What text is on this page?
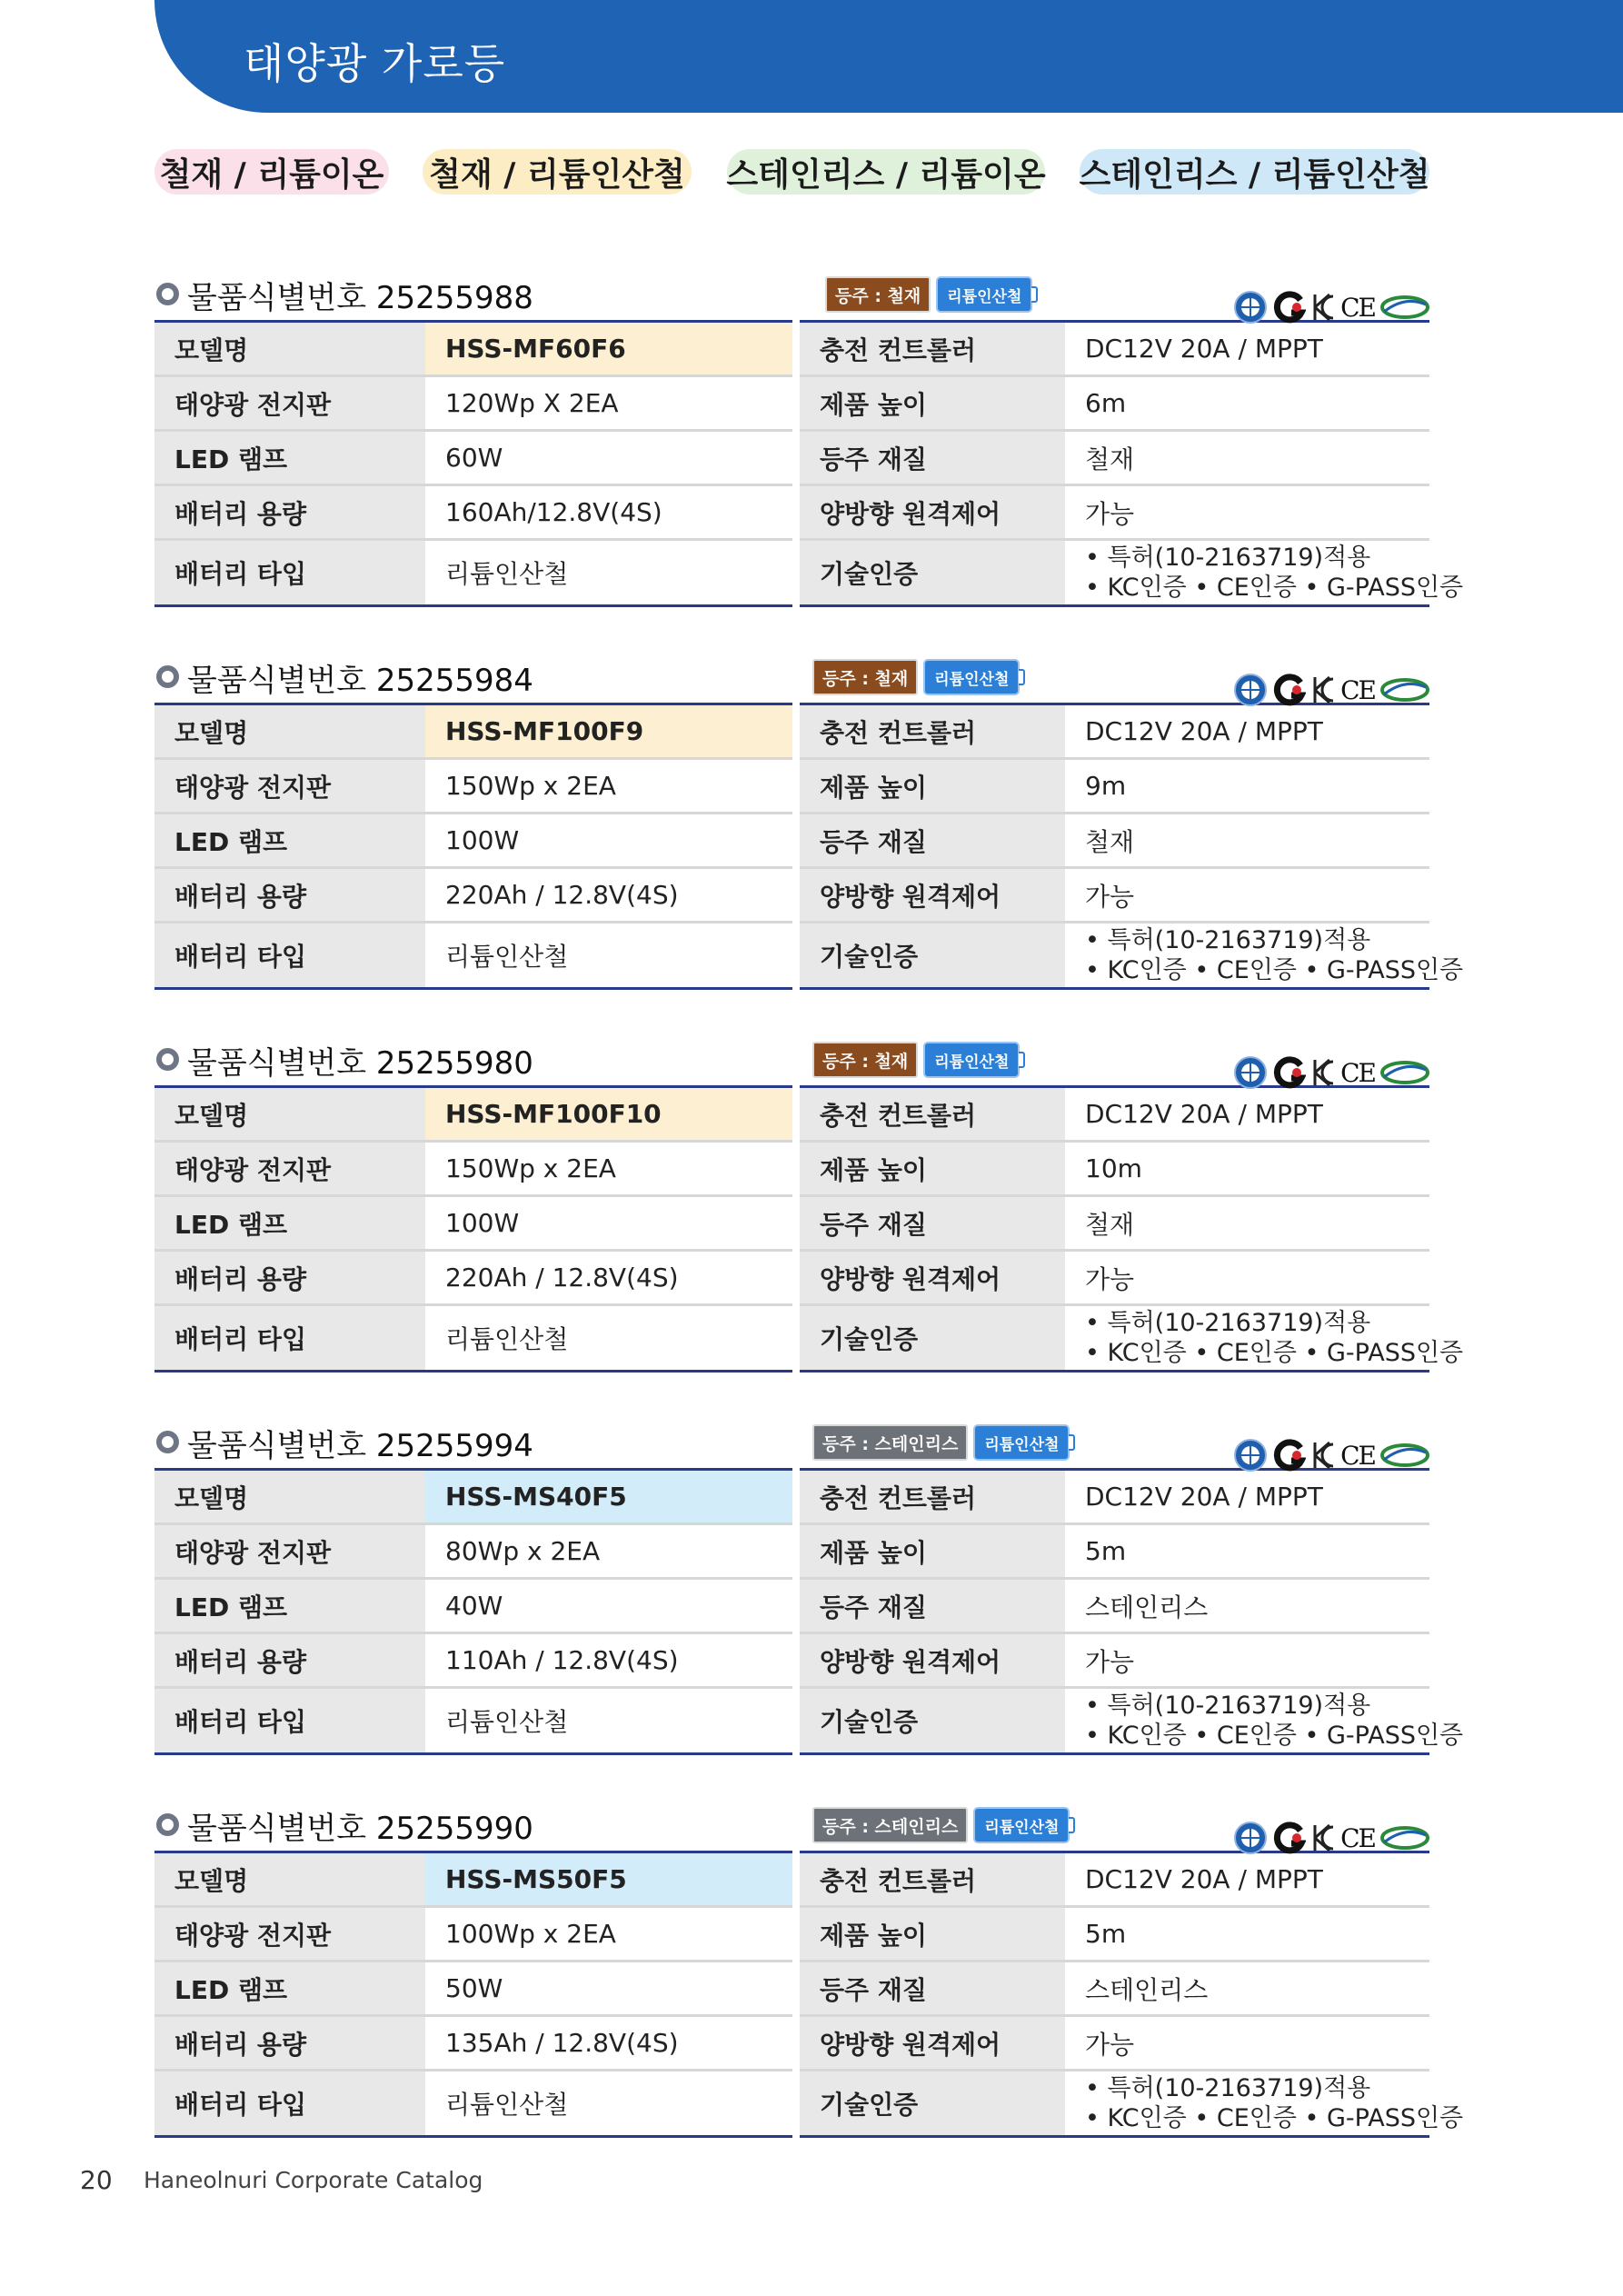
태양광 가로등
철재 / 리튬이온 철재 / 리튬인산철 스테인리스 / 리튬이온 스테인리스 / 리튬인산철
물품식별번호 25255988	등주 : 철재	리튬인산철	CE
모델명	HSS-MF60F6	충전 컨트롤러	DC12V 20A / MPPT
태양광 전지판	120Wp X 2EA	제품 높이	6m
LED 램프	60W	등주 재질	철재
배터리 용량	160Ah/12.8V(4S)	양방향 원격제어	가능
배터리 타입	리튬인산철	기술인증	• 특허(10-2163719)적용
• KC인증 • CE인증 • G-PASS인증
물품식별번호 25255984	등주 : 철재	리튬인산철	CE
모델명	HSS-MF100F9	충전 컨트롤러	DC12V 20A / MPPT
태양광 전지판	150Wp x 2EA	제품 높이	9m
LED 램프	100W	등주 재질	철재
배터리 용량	220Ah / 12.8V(4S)	양방향 원격제어	가능
배터리 타입	리튬인산철	기술인증	• 특허(10-2163719)적용
• KC인증 • CE인증 • G-PASS인증
물품식별번호 25255980	등주 : 철재	리튬인산철	CE
모델명	HSS-MF100F10	충전 컨트롤러	DC12V 20A / MPPT
태양광 전지판	150Wp x 2EA	제품 높이	10m
LED 램프	100W	등주 재질	철재
배터리 용량	220Ah / 12.8V(4S)	양방향 원격제어	가능
배터리 타입	리튬인산철	기술인증	• 특허(10-2163719)적용
• KC인증 • CE인증 • G-PASS인증
물품식별번호 25255994	등주 : 스테인리스	리튬인산철	CE
모델명	HSS-MS40F5	충전 컨트롤러	DC12V 20A / MPPT
태양광 전지판	80Wp x 2EA	제품 높이	5m
LED 램프	40W	등주 재질	스테인리스
배터리 용량	110Ah / 12.8V(4S)	양방향 원격제어	가능
배터리 타입	리튬인산철	기술인증	• 특허(10-2163719)적용
• KC인증 • CE인증 • G-PASS인증
물품식별번호 25255990	등주 : 스테인리스	리튬인산철	CE
모델명	HSS-MS50F5	충전 컨트롤러	DC12V 20A / MPPT
태양광 전지판	100Wp x 2EA	제품 높이	5m
LED 램프	50W	등주 재질	스테인리스
배터리 용량	135Ah / 12.8V(4S)	양방향 원격제어	가능
배터리 타입	리튬인산철	기술인증	• 특허(10-2163719)적용
• KC인증 • CE인증 • G-PASS인증
20 Haneolnuri Corporate Catalog
